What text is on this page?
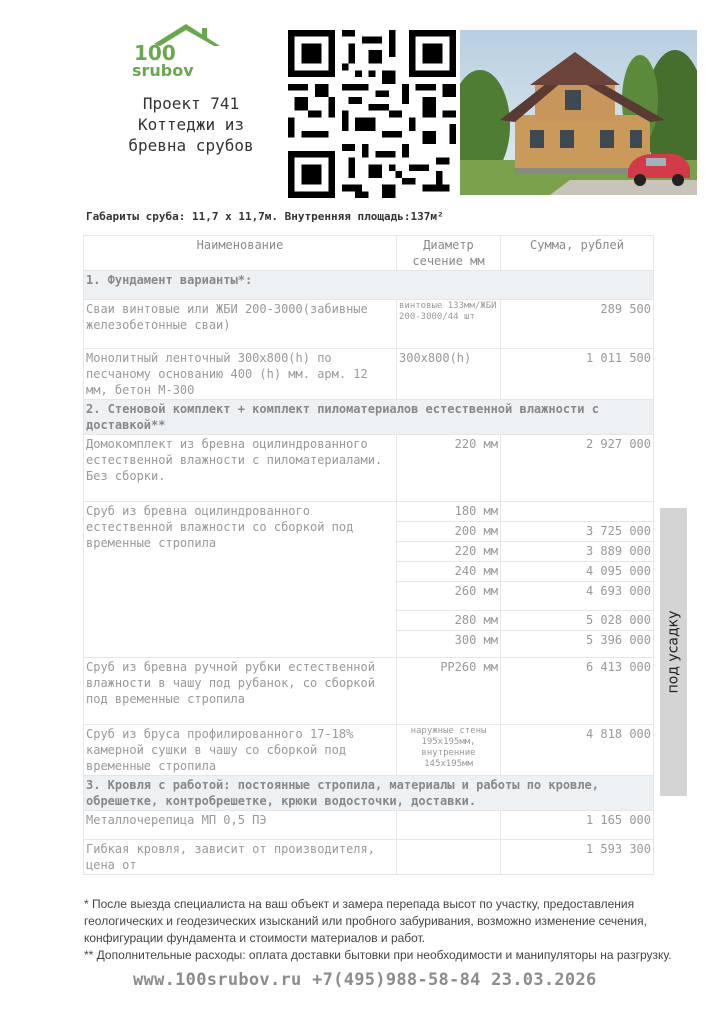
100
srubov
Проект 741
Коттеджи из
бревна срубов
Габариты сруба: 11,7 х 11,7м. Внутренняя площадь:137м²
Наименование	Диаметр сечение мм	Сумма, рублей
1. Фундамент варианты*:		
Сваи винтовые или ЖБИ 200-3000(забивные железобетонные сваи)	винтовые 133мм/ЖБИ 200-3000/44 шт	289 500
Монолитный ленточный 300х800(h) по песчаному основанию 400 (h) мм. арм. 12 мм, бетон М-300	300х800(h)	1 011 500
2. Стеновой комплект + комплект пиломатериалов естественной влажности с доставкой**		
Домокомплект из бревна оцилиндрованного естественной влажности с пиломатериалами. Без сборки.	220 мм	2 927 000
Сруб из бревна оцилиндрованного естественной влажности со сборкой под временные стропила	180 мм	
	200 мм	3 725 000
	220 мм	3 889 000
	240 мм	4 095 000
	260 мм	4 693 000
	280 мм	5 028 000
	300 мм	5 396 000
Сруб из бревна ручной рубки естественной влажности в чашу под рубанок, со сборкой под временные стропила	РР260 мм	6 413 000
Сруб из бруса профилированного 17-18% камерной сушки в чашу со сборкой под временные стропила	наружные стены 195х195мм, внутренние 145х195мм	4 818 000
3. Кровля с работой: постоянные стропила, материалы и работы по кровле, обрешетке, контробрешетке, крюки водосточки, доставки.		
Металлочерепица МП 0,5 ПЭ		1 165 000
Гибкая кровля, зависит от производителя, цена от		1 593 300
под усадку

* После выезда специалиста на ваш объект и замера перепада высот по участку, предоставления геологических и геодезических изысканий или пробного забуривания, возможно изменение сечения, конфигурации фундамента и стоимости материалов и работ.

** Дополнительные расходы: оплата доставки бытовки при необходимости и манипуляторы на разгрузку.

www.100srubov.ru +7(495)988-58-84 23.03.2026
